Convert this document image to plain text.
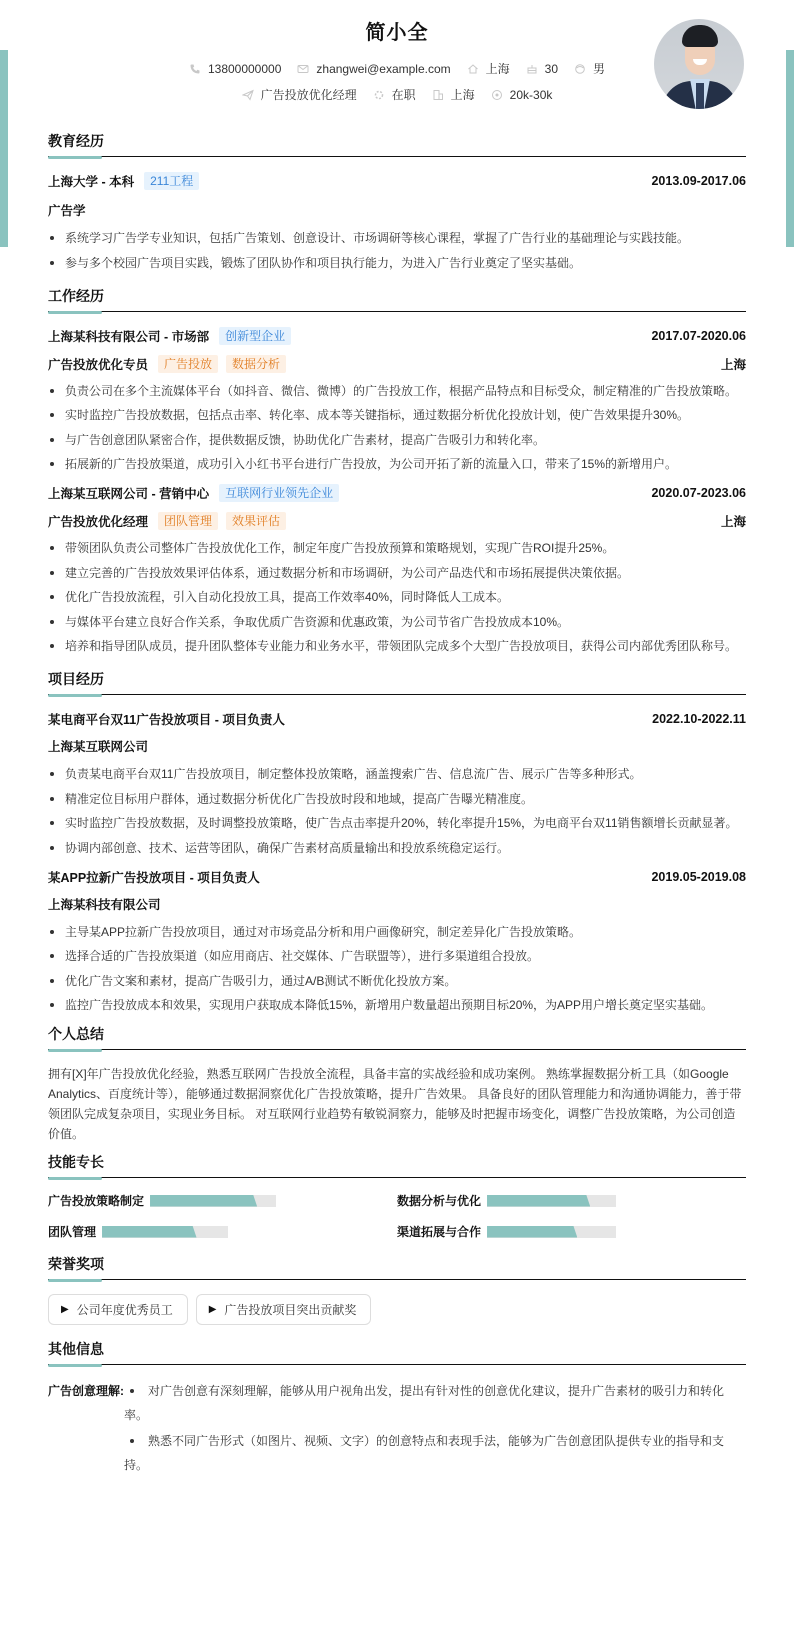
简小全
13800000000	zhangwei@example.com	上海	30	男
广告投放优化经理	在职	上海	20k-30k
教育经历
上海大学 - 本科	211工程	2013.09-2017.06
广告学
系统学习广告学专业知识，包括广告策划、创意设计、市场调研等核心课程，掌握了广告行业的基础理论与实践技能。
参与多个校园广告项目实践，锻炼了团队协作和项目执行能力，为进入广告行业奠定了坚实基础。
工作经历
上海某科技有限公司 - 市场部	创新型企业	2017.07-2020.06
广告投放优化专员	广告投放	数据分析	上海
负责公司在多个主流媒体平台（如抖音、微信、微博）的广告投放工作，根据产品特点和目标受众，制定精准的广告投放策略。
实时监控广告投放数据，包括点击率、转化率、成本等关键指标，通过数据分析优化投放计划，使广告效果提升30%。
与广告创意团队紧密合作，提供数据反馈，协助优化广告素材，提高广告吸引力和转化率。
拓展新的广告投放渠道，成功引入小红书平台进行广告投放，为公司开拓了新的流量入口，带来了15%的新增用户。
上海某互联网公司 - 营销中心	互联网行业领先企业	2020.07-2023.06
广告投放优化经理	团队管理	效果评估	上海
带领团队负责公司整体广告投放优化工作，制定年度广告投放预算和策略规划，实现广告ROI提升25%。
建立完善的广告投放效果评估体系，通过数据分析和市场调研，为公司产品迭代和市场拓展提供决策依据。
优化广告投放流程，引入自动化投放工具，提高工作效率40%，同时降低人工成本。
与媒体平台建立良好合作关系，争取优质广告资源和优惠政策，为公司节省广告投放成本10%。
培养和指导团队成员，提升团队整体专业能力和业务水平，带领团队完成多个大型广告投放项目，获得公司内部优秀团队称号。
项目经历
某电商平台双11广告投放项目 - 项目负责人	2022.10-2022.11
上海某互联网公司
负责某电商平台双11广告投放项目，制定整体投放策略，涵盖搜索广告、信息流广告、展示广告等多种形式。
精准定位目标用户群体，通过数据分析优化广告投放时段和地域，提高广告曝光精准度。
实时监控广告投放数据，及时调整投放策略，使广告点击率提升20%，转化率提升15%，为电商平台双11销售额增长贡献显著。
协调内部创意、技术、运营等团队，确保广告素材高质量输出和投放系统稳定运行。
某APP拉新广告投放项目 - 项目负责人	2019.05-2019.08
上海某科技有限公司
主导某APP拉新广告投放项目，通过对市场竞品分析和用户画像研究，制定差异化广告投放策略。
选择合适的广告投放渠道（如应用商店、社交媒体、广告联盟等），进行多渠道组合投放。
优化广告文案和素材，提高广告吸引力，通过A/B测试不断优化投放方案。
监控广告投放成本和效果，实现用户获取成本降低15%，新增用户数量超出预期目标20%，为APP用户增长奠定坚实基础。
个人总结

拥有[X]年广告投放优化经验，熟悉互联网广告投放全流程，具备丰富的实战经验和成功案例。 熟练掌握数据分析工具（如Google Analytics、百度统计等），能够通过数据洞察优化广告投放策略，提升广告效果。 具备良好的团队管理能力和沟通协调能力，善于带领团队完成复杂项目，实现业务目标。 对互联网行业趋势有敏锐洞察力，能够及时把握市场变化，调整广告投放策略，为公司创造价值。

技能专长
广告投放策略制定	数据分析与优化
团队管理	渠道拓展与合作
荣誉奖项
▶ 公司年度优秀员工	▶ 广告投放项目突出贡献奖
其他信息
广告创意理解:	对广告创意有深刻理解，能够从用户视角出发，提出有针对性的创意优化建议，提升广告素材的吸引力和转化率。
熟悉不同广告形式（如图片、视频、文字）的创意特点和表现手法，能够为广告创意团队提供专业的指导和支持。
